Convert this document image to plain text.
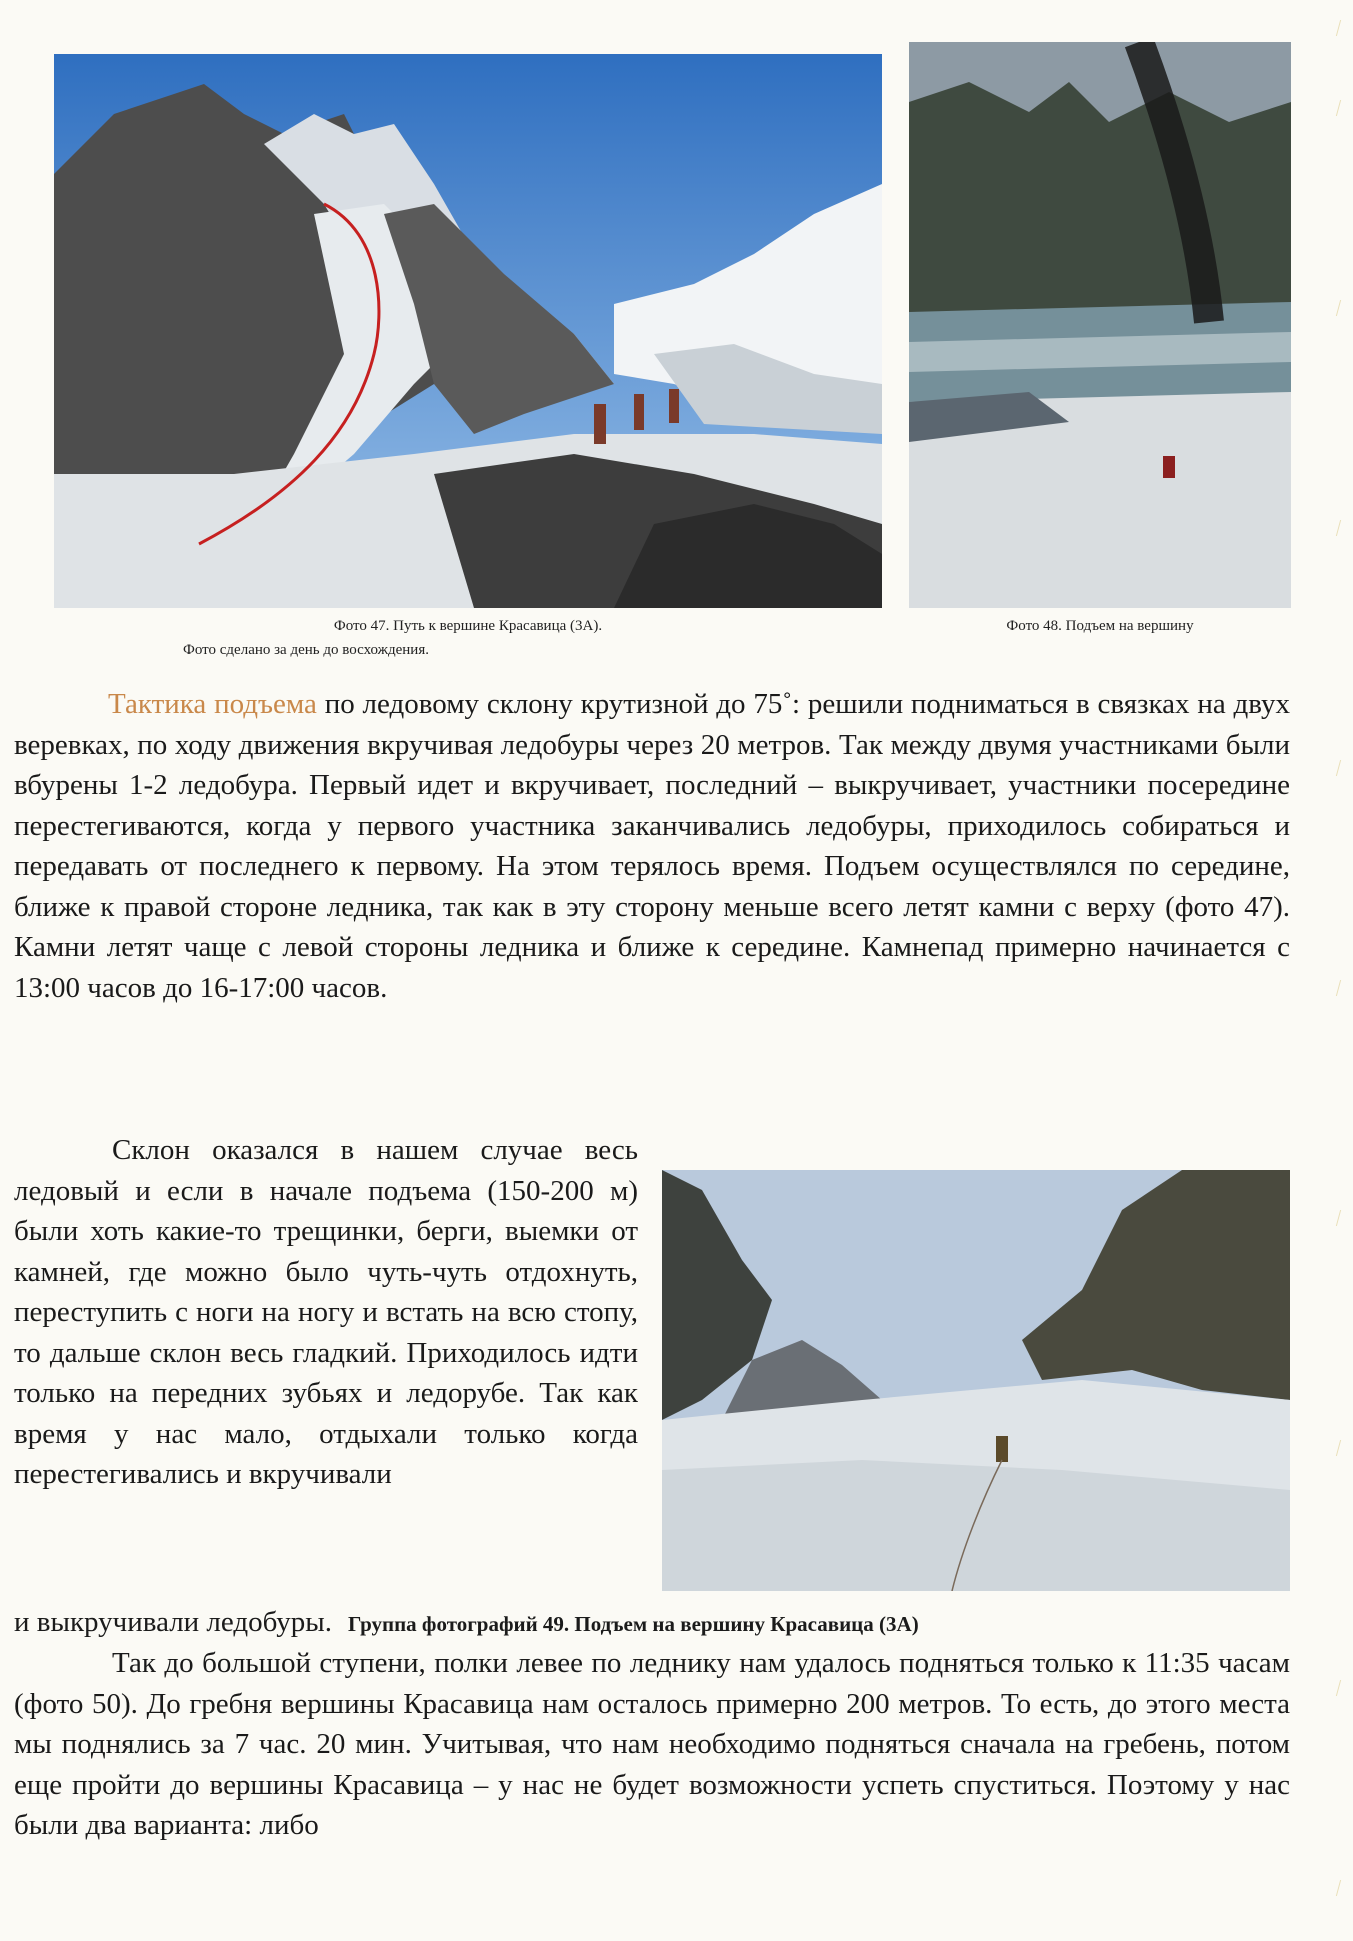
Фото 47. Путь к вершине Красавица (3А).
Фото сделано за день до восхождения.
Фото 48. Подъем на вершину
Тактика подъема по ледовому склону крутизной до 75˚: решили подниматься в связках на двух веревках, по ходу движения вкручивая ледобуры через 20 метров. Так между двумя участниками были вбурены 1-2 ледобура. Первый идет и вкручивает, последний – выкручивает, участники посередине перестегиваются, когда у первого участника заканчивались ледобуры, приходилось собираться и передавать от последнего к первому. На этом терялось время. Подъем осуществлялся по середине, ближе к правой стороне ледника, так как в эту сторону меньше всего летят камни с верху (фото 47). Камни летят чаще с левой стороны ледника и ближе к середине. Камнепад примерно начинается с 13:00 часов до 16-17:00 часов.
Склон оказался в нашем случае весь ледовый и если в начале подъема (150-200 м) были хоть какие-то трещинки, берги, выемки от камней, где можно было чуть-чуть отдохнуть, переступить с ноги на ногу и встать на всю стопу, то дальше склон весь гладкий. Приходилось идти только на передних зубьях и ледорубе. Так как время у нас мало, отдыхали только когда перестегивались и вкручивали
и выкручивали ледобуры. Группа фотографий 49. Подъем на вершину Красавица (3А)
Так до большой ступени, полки левее по леднику нам удалось подняться только к 11:35 часам (фото 50). До гребня вершины Красавица нам осталось примерно 200 метров. То есть, до этого места мы поднялись за 7 час. 20 мин. Учитывая, что нам необходимо подняться сначала на гребень, потом еще пройти до вершины Красавица – у нас не будет возможности успеть спуститься. Поэтому у нас были два варианта: либо
